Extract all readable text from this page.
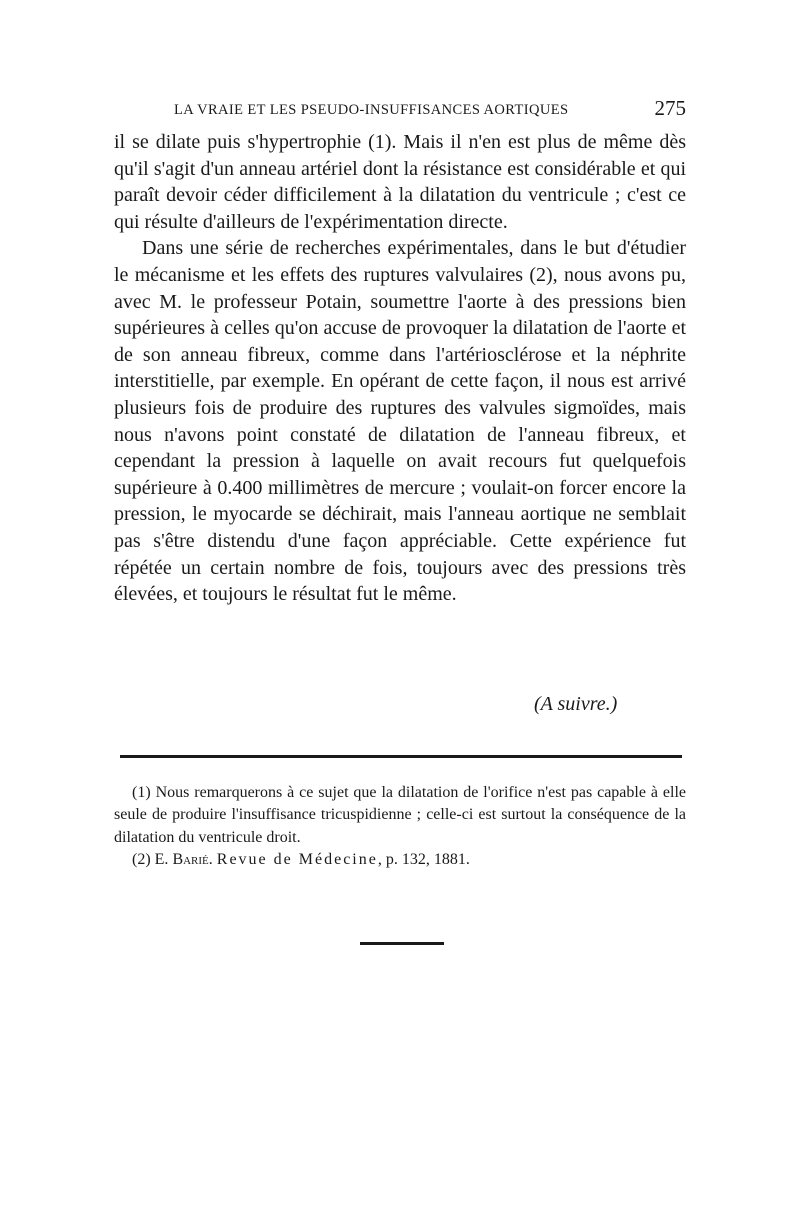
LA VRAIE ET LES PSEUDO-INSUFFISANCES AORTIQUES	275

il se dilate puis s'hypertrophie (1). Mais il n'en est plus de même dès qu'il s'agit d'un anneau artériel dont la résistance est considérable et qui paraît devoir céder difficilement à la dilatation du ventricule ; c'est ce qui résulte d'ailleurs de l'expérimentation directe.

Dans une série de recherches expérimentales, dans le but d'étudier le mécanisme et les effets des ruptures valvulaires (2), nous avons pu, avec M. le professeur Potain, soumettre l'aorte à des pressions bien supérieures à celles qu'on accuse de provoquer la dilatation de l'aorte et de son anneau fibreux, comme dans l'artériosclérose et la néphrite interstitielle, par exemple. En opérant de cette façon, il nous est arrivé plusieurs fois de produire des ruptures des valvules sigmoïdes, mais nous n'avons point constaté de dilatation de l'anneau fibreux, et cependant la pression à laquelle on avait recours fut quelquefois supérieure à 0.400 millimètres de mercure ; voulait-on forcer encore la pression, le myocarde se déchirait, mais l'anneau aortique ne semblait pas s'être distendu d'une façon appréciable. Cette expérience fut répétée un certain nombre de fois, toujours avec des pressions très élevées, et toujours le résultat fut le même.

(A suivre.)

(1) Nous remarquerons à ce sujet que la dilatation de l'orifice n'est pas capable à elle seule de produire l'insuffisance tricuspidienne ; celle-ci est surtout la conséquence de la dilatation du ventricule droit.

(2) E. Barié. Revue de Médecine, p. 132, 1881.
